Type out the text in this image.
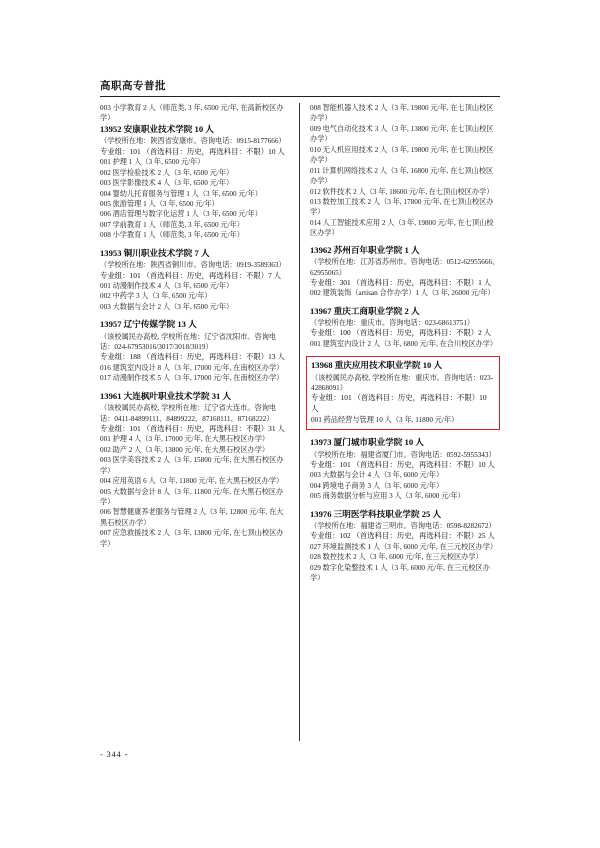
高职高专普批
003 小学教育 2 人（师范类, 3 年, 6500 元/年, 在高新校区办学）
13952 安康职业技术学院 10 人
（学校所在地：陕西省安康市。咨询电话：0915-8177666）
专业组：101 （首选科目：历史，再选科目：不限）10 人
001 护理 1 人（3 年, 6500 元/年）
002 医学检验技术 2 人（3 年, 6500 元/年）
003 医学影像技术 4 人（3 年, 6500 元/年）
004 婴幼儿托育服务与管理 1 人（3 年, 6500 元/年）
005 旅游管理 1 人（3 年, 6500 元/年）
006 酒店管理与数字化运营 1 人（3 年, 6500 元/年）
007 学前教育 1 人（师范类, 3 年, 6500 元/年）
008 小学教育 1 人（师范类, 3 年, 6500 元/年）
13953 铜川职业技术学院 7 人
（学校所在地：陕西省铜川市。咨询电话：0919-3589363）
专业组：101 （首选科目：历史，再选科目：不限）7 人
001 动漫制作技术 4 人（3 年, 6500 元/年）
002 中药学 3 人（3 年, 6500 元/年）
003 大数据与会计 2 人（3 年, 6500 元/年）
13957 辽宁传媒学院 13 人
（该校属民办高校, 学校所在地：辽宁省沈阳市。咨询电话：024-67953016/3017/3018/3019）
专业组：188 （首选科目：历史，再选科目：不限）13 人
016 建筑室内设计 8 人（3 年, 17000 元/年, 在南校区办学）
017 动漫制作技术 5 人（3 年, 17000 元/年, 在南校区办学）
13961 大连枫叶职业技术学院 31 人
（该校属民办高校, 学校所在地：辽宁省大连市。咨询电话：0411-84899111、84899222、87168111、87168222）
专业组：101 （首选科目：历史，再选科目：不限）31 人
001 护理 4 人（3 年, 17000 元/年, 在大黑石校区办学）
002 助产 2 人（3 年, 13800 元/年, 在大黑石校区办学）
003 医学美容技术 2 人（3 年, 15800 元/年, 在大黑石校区办学）
004 应用英语 6 人（3 年, 11800 元/年, 在大黑石校区办学）
005 大数据与会计 8 人（3 年, 11800 元/年, 在大黑石校区办学）
006 智慧健康养老服务与管理 2 人（3 年, 12800 元/年, 在大黑石校区办学）
007 应急救援技术 2 人（3 年, 13800 元/年, 在七顶山校区办学）
008 智能机器人技术 2 人（3 年, 19800 元/年, 在七顶山校区办学）
009 电气自动化技术 3 人（3 年, 13800 元/年, 在七顶山校区办学）
010 无人机应用技术 2 人（3 年, 19800 元/年, 在七顶山校区办学）
011 计算机网络技术 2 人（3 年, 16800 元/年, 在七顶山校区办学）
012 软件技术 2 人（3 年, 18600 元/年, 在七顶山校区办学）
013 数控加工技术 2 人（3 年, 17800 元/年, 在七顶山校区办学）
014 人工智能技术应用 2 人（3 年, 19800 元/年, 在七顶山校区办学）
13962 苏州百年职业学院 1 人
（学校所在地：江苏省苏州市。咨询电话：0512-62955666、62955065）
专业组：301 （首选科目：历史，再选科目：不限）1 人
002 建筑装饰（artisan 合作办学）1 人（3 年, 26000 元/年）
13967 重庆工商职业学院 2 人
（学校所在地：重庆市。咨询电话：023-68613751）
专业组：100 （首选科目：历史，再选科目：不限）2 人
001 建筑室内设计 2 人（3 年, 6800 元/年, 在合川校区办学）
13968 重庆应用技术职业学院 10 人
（该校属民办高校, 学校所在地：重庆市。咨询电话：023-42868091）
专业组：101 （首选科目：历史，再选科目：不限）10 人
001 药品经营与管理 10 人（3 年, 11800 元/年）
13973 厦门城市职业学院 10 人
（学校所在地：福建省厦门市。咨询电话：0592-5955343）
专业组：101 （首选科目：历史，再选科目：不限）10 人
003 大数据与会计 4 人（3 年, 6000 元/年）
004 跨境电子商务 3 人（3 年, 6000 元/年）
005 商务数据分析与应用 3 人（3 年, 6000 元/年）
13976 三明医学科技职业学院 25 人
（学校所在地：福建省三明市。咨询电话：0598-8282672）
专业组：102 （首选科目：历史，再选科目：不限）25 人
027 环境监测技术 1 人（3 年, 6000 元/年, 在三元校区办学）
028 数控技术 2 人（3 年, 6000 元/年, 在三元校区办学）
029 数字化染整技术 1 人（3 年, 6000 元/年, 在三元校区办学）
- 344 -
